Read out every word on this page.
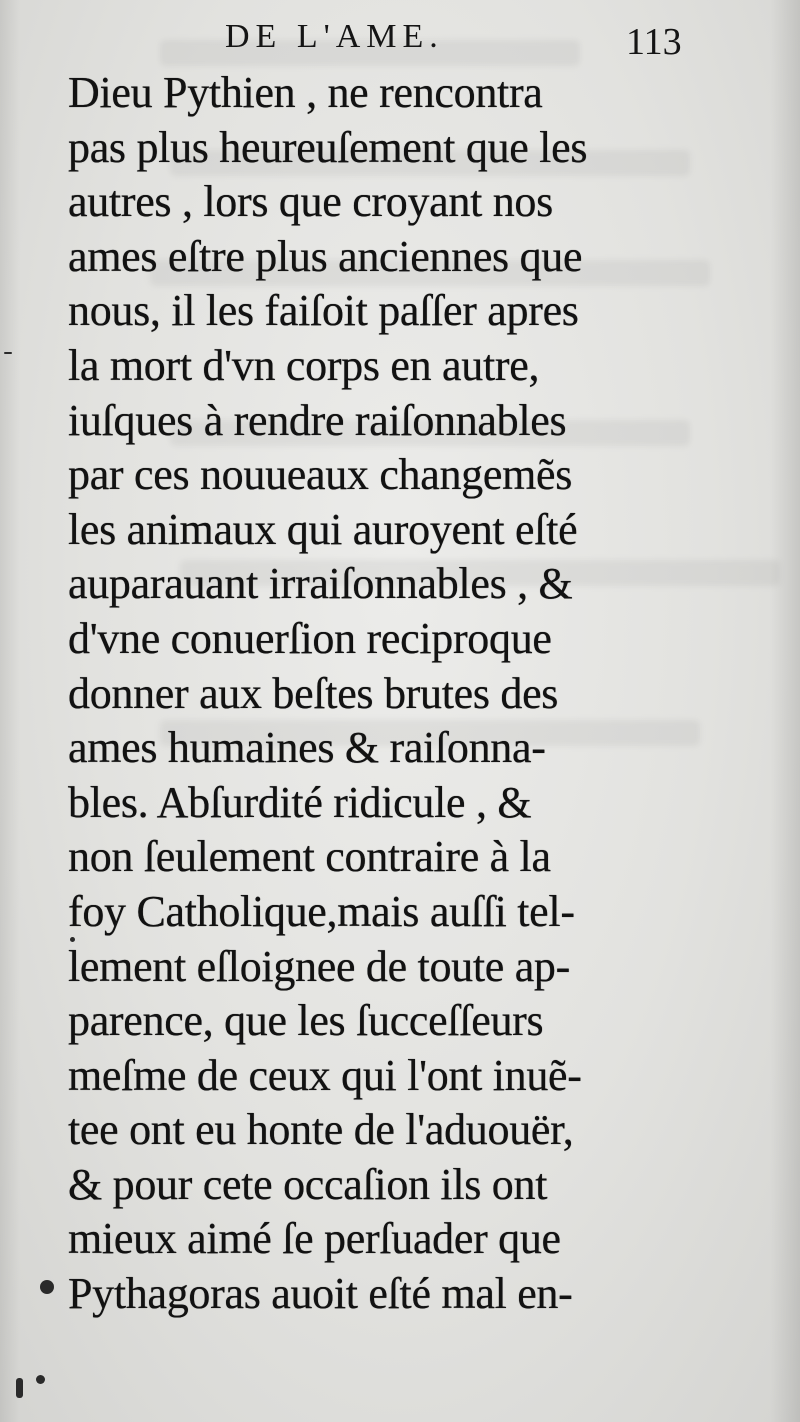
DE L'AME.	113
Dieu Pythien , ne rencontra
pas plus heureuſement que les
autres , lors que croyant nos
ames eſtre plus anciennes que
nous, il les faiſoit paſſer apres
la mort d'vn corps en autre,
iuſques à rendre raiſonnables
par ces nouueaux changemẽs
les animaux qui auroyent eſté
auparauant irraiſonnables , &
d'vne conuerſion reciproque
donner aux beſtes brutes des
ames humaines & raiſonna-
bles. Abſurdité ridicule , &
non ſeulement contraire à la
foy Catholique,mais auſſi tel-
lement eſloignee de toute ap-
parence, que les ſucceſſeurs
meſme de ceux qui l'ont inuẽ-
tee ont eu honte de l'aduouër,
& pour cete occaſion ils ont
mieux aimé ſe perſuader que
Pythagoras auoit eſté mal en-
